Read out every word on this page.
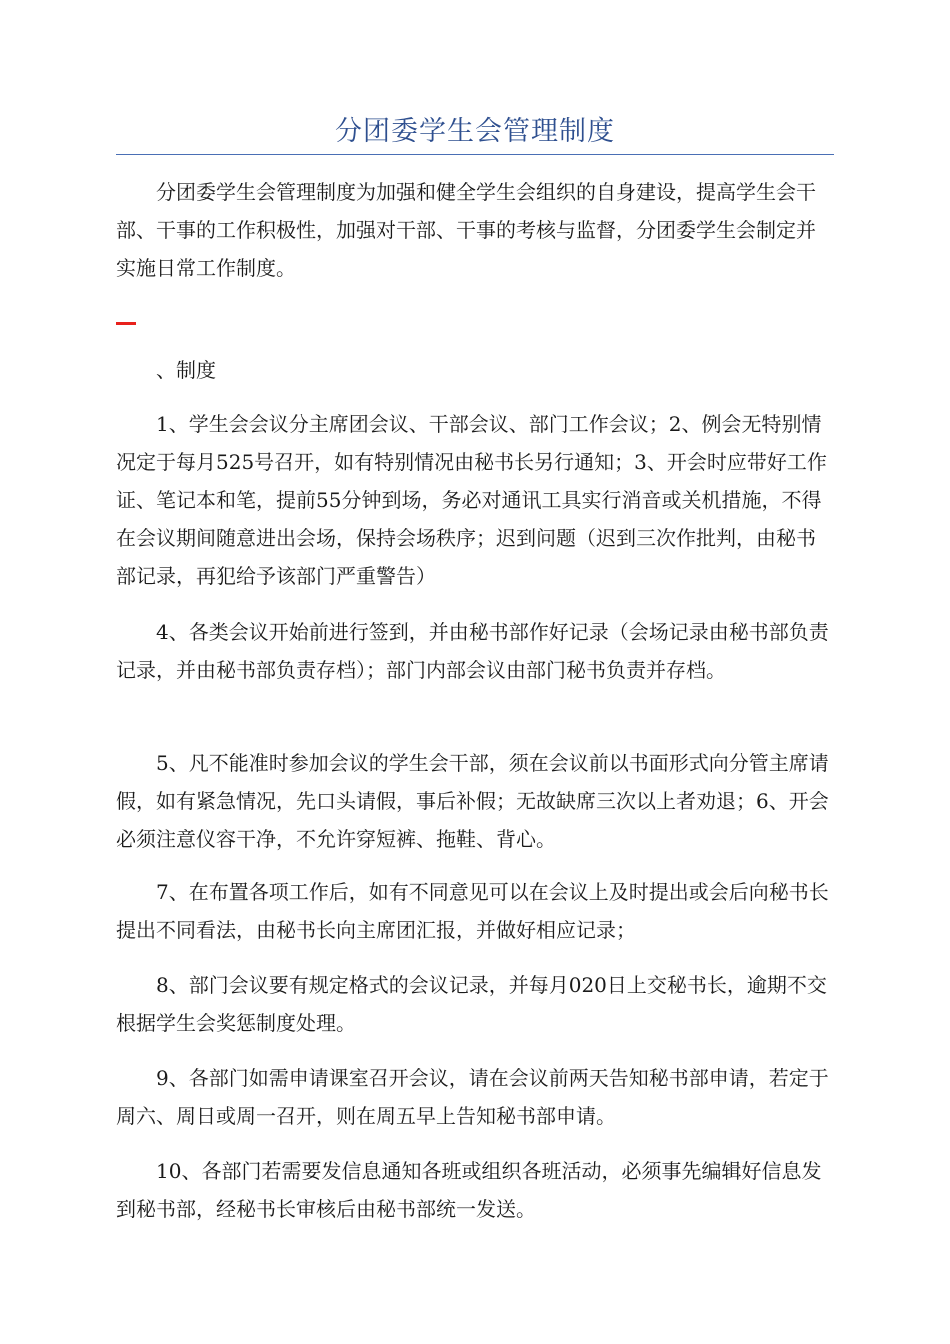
分团委学生会管理制度

分团委学生会管理制度为加强和健全学生会组织的自身建设，提高学生会干部、干事的工作积极性，加强对干部、干事的考核与监督，分团委学生会制定并实施日常工作制度。

、制度

1、学生会会议分主席团会议、干部会议、部门工作会议；2、例会无特别情况定于每月525号召开，如有特别情况由秘书长另行通知；3、开会时应带好工作证、笔记本和笔，提前55分钟到场，务必对通讯工具实行消音或关机措施，不得在会议期间随意进出会场，保持会场秩序；迟到问题（迟到三次作批判，由秘书部记录，再犯给予该部门严重警告）

4、各类会议开始前进行签到，并由秘书部作好记录（会场记录由秘书部负责记录，并由秘书部负责存档）；部门内部会议由部门秘书负责并存档。

5、凡不能准时参加会议的学生会干部，须在会议前以书面形式向分管主席请假，如有紧急情况，先口头请假，事后补假；无故缺席三次以上者劝退；6、开会必须注意仪容干净，不允许穿短裤、拖鞋、背心。

7、在布置各项工作后，如有不同意见可以在会议上及时提出或会后向秘书长提出不同看法，由秘书长向主席团汇报，并做好相应记录；

8、部门会议要有规定格式的会议记录，并每月020日上交秘书长，逾期不交根据学生会奖惩制度处理。

9、各部门如需申请课室召开会议，请在会议前两天告知秘书部申请，若定于周六、周日或周一召开，则在周五早上告知秘书部申请。

10、各部门若需要发信息通知各班或组织各班活动，必须事先编辑好信息发到秘书部，经秘书长审核后由秘书部统一发送。
